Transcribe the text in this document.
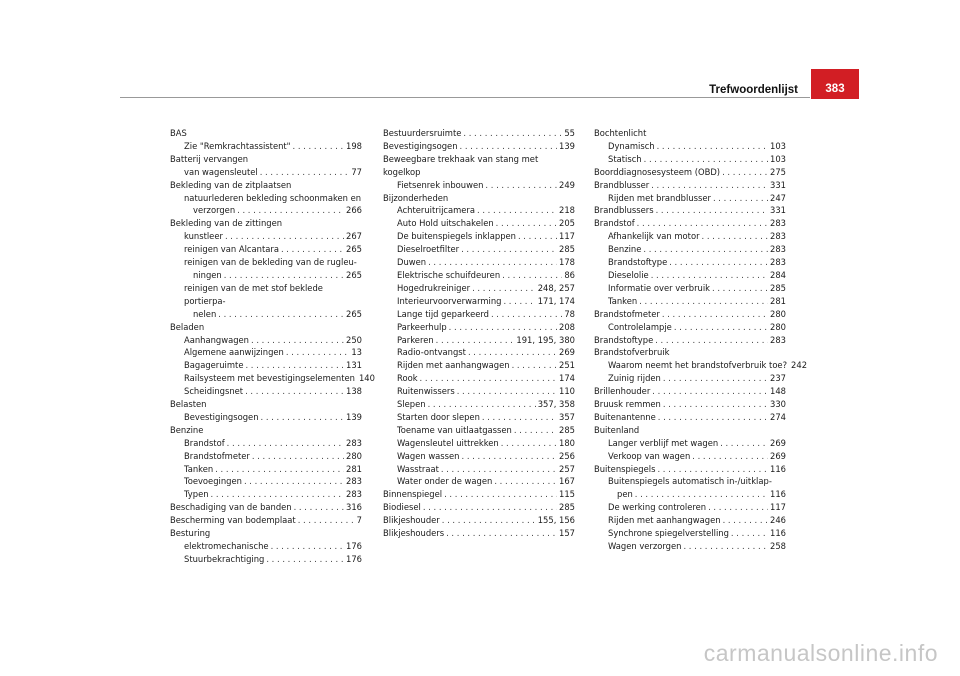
Trefwoordenlijst	383
BAS
Zie "Remkrachtassistent" . . .	198
Batterij vervangen
van wagensleutel . . .	77
Bekleding van de zitplaatsen
natuurlederen bekleding schoonmaken en
verzorgen . . .	266
Bekleding van de zittingen
kunstleer . . .	267
reinigen van Alcantara . . .	265
reinigen van de bekleding van de rugleu-
ningen . . .	265
reinigen van de met stof beklede portierpa-
nelen . . .	265
Beladen
Aanhangwagen . . .	250
Algemene aanwijzingen . . .	13
Bagageruimte . . .	131
Railsysteem met bevestigingselementen 140
Scheidingsnet . . .	138
Belasten
Bevestigingsogen . . .	139
Benzine
Brandstof . . .	283
Brandstofmeter . . .	280
Tanken . . .	281
Toevoegingen . . .	283
Typen . . .	283
Beschadiging van de banden . . .	316
Bescherming van bodemplaat . . .	7
Besturing
elektromechanische . . .	176
Stuurbekrachtiging . . .	176
Bestuurdersruimte . . .	55
Bevestigingsogen . . .	139
Beweegbare trekhaak van stang met kogelkop
Fietsenrek inbouwen . . .	249
Bijzonderheden
Achteruitrijcamera . . .	218
Auto Hold uitschakelen . . .	205
De buitenspiegels inklappen . . .	117
Dieselroetfilter . . .	285
Duwen . . .	178
Elektrische schuifdeuren . . .	86
Hogedrukreiniger . . .	248, 257
Interieurvoorverwarming . . .	171, 174
Lange tijd geparkeerd . . .	78
Parkeerhulp . . .	208
Parkeren . . .	191, 195, 380
Radio-ontvangst . . .	269
Rijden met aanhangwagen . . .	251
Rook . . .	174
Ruitenwissers . . .	110
Slepen . . .	357, 358
Starten door slepen . . .	357
Toename van uitlaatgassen . . .	285
Wagensleutel uittrekken . . .	180
Wagen wassen . . .	256
Wasstraat . . .	257
Water onder de wagen . . .	167
Binnenspiegel . . .	115
Biodiesel . . .	285
Blikjeshouder . . .	155, 156
Blikjeshouders . . .	157
Bochtenlicht
Dynamisch . . .	103
Statisch . . .	103
Boorddiagnosesysteem (OBD) . . .	275
Brandblusser . . .	331
Rijden met brandblusser . . .	247
Brandblussers . . .	331
Brandstof . . .	283
Afhankelijk van motor . . .	283
Benzine . . .	283
Brandstoftype . . .	283
Dieselolie . . .	284
Informatie over verbruik . . .	285
Tanken . . .	281
Brandstofmeter . . .	280
Controlelampje . . .	280
Brandstoftype . . .	283
Brandstofverbruik
Waarom neemt het brandstofverbruik toe? 242
Zuinig rijden . . .	237
Brillenhouder . . .	148
Bruusk remmen . . .	330
Buitenantenne . . .	274
Buitenland
Langer verblijf met wagen . . .	269
Verkoop van wagen . . .	269
Buitenspiegels . . .	116
Buitenspiegels automatisch in-/uitklap-
pen . . .	116
De werking controleren . . .	117
Rijden met aanhangwagen . . .	246
Synchrone spiegelverstelling . . .	116
Wagen verzorgen . . .	258
carmanualsonline.info
